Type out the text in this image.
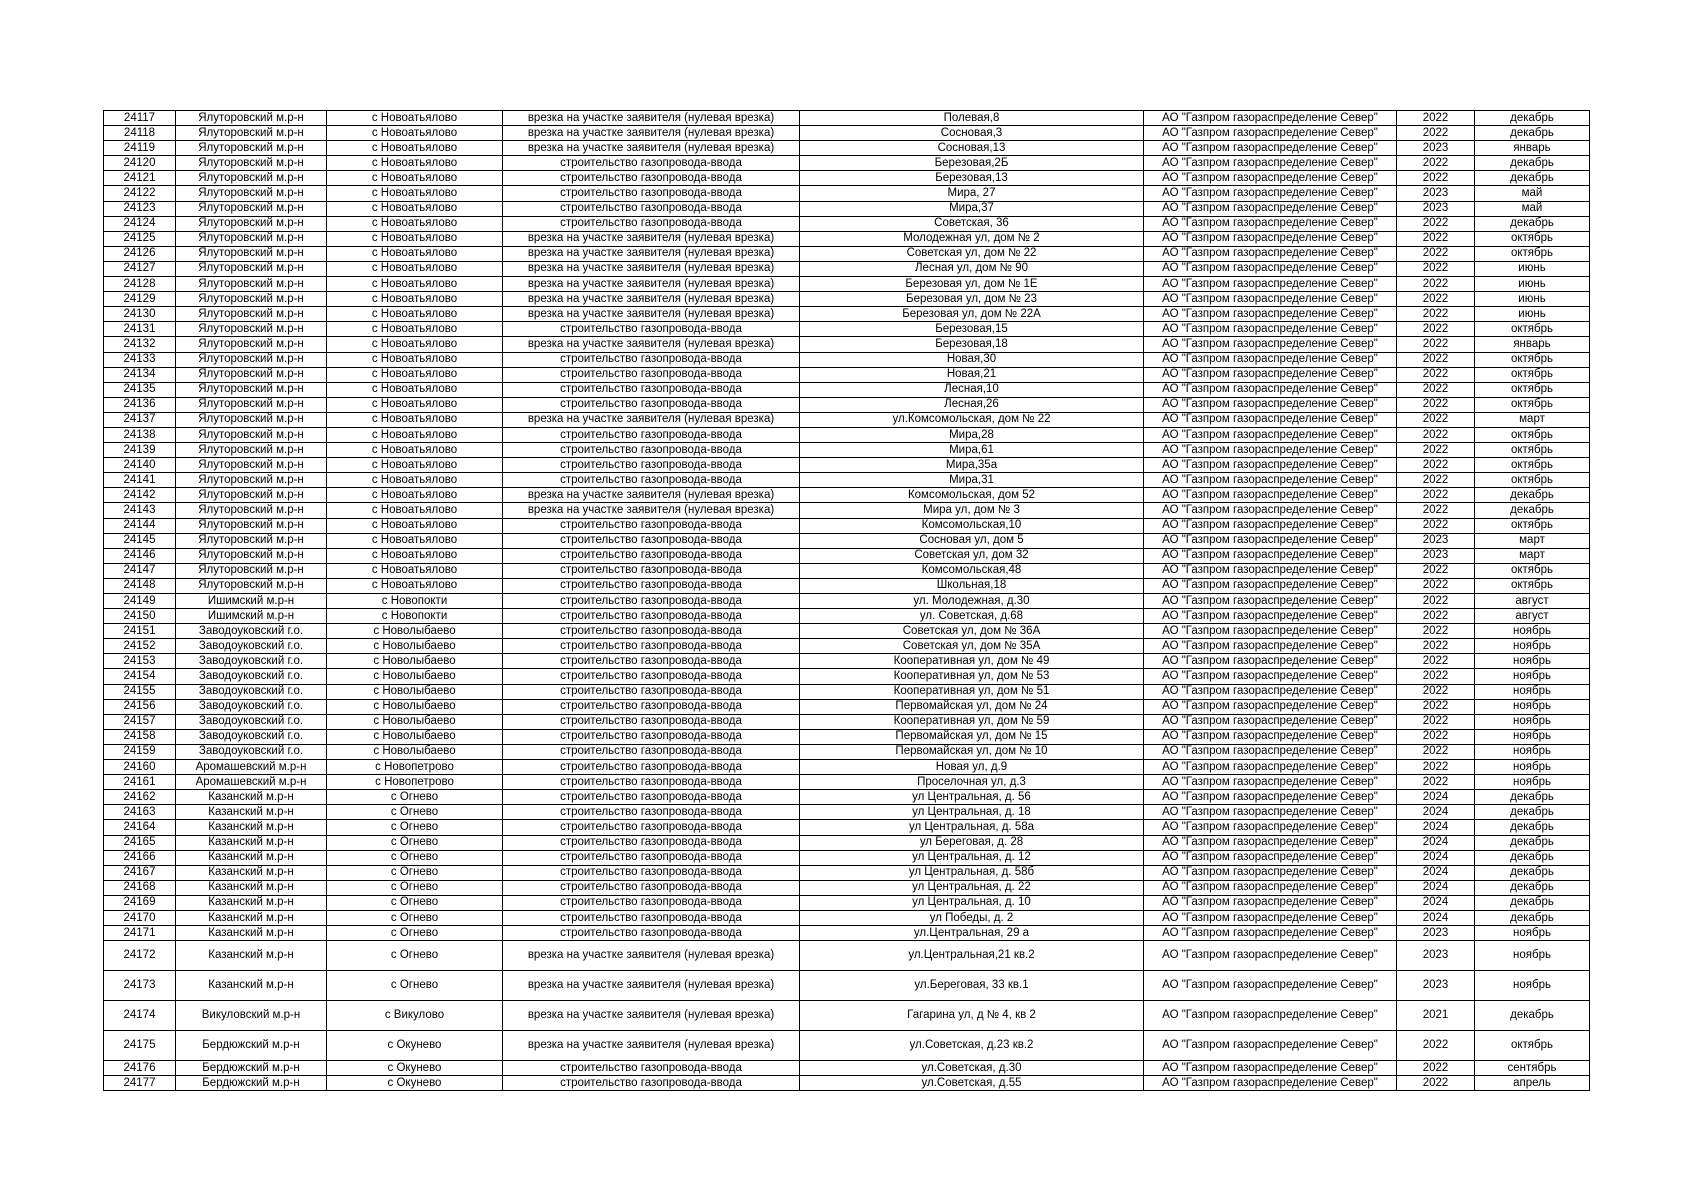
24117	Ялуторовский м.р-н	с Новоатьялово	врезка на участке заявителя (нулевая врезка)	Полевая,8	АО "Газпром газораспределение Север"	2022	декабрь
24118	Ялуторовский м.р-н	с Новоатьялово	врезка на участке заявителя (нулевая врезка)	Сосновая,3	АО "Газпром газораспределение Север"	2022	декабрь
24119	Ялуторовский м.р-н	с Новоатьялово	врезка на участке заявителя (нулевая врезка)	Сосновая,13	АО "Газпром газораспределение Север"	2023	январь
24120	Ялуторовский м.р-н	с Новоатьялово	строительство газопровода-ввода	Березовая,2Б	АО "Газпром газораспределение Север"	2022	декабрь
24121	Ялуторовский м.р-н	с Новоатьялово	строительство газопровода-ввода	Березовая,13	АО "Газпром газораспределение Север"	2022	декабрь
24122	Ялуторовский м.р-н	с Новоатьялово	строительство газопровода-ввода	Мира, 27	АО "Газпром газораспределение Север"	2023	май
24123	Ялуторовский м.р-н	с Новоатьялово	строительство газопровода-ввода	Мира,37	АО "Газпром газораспределение Север"	2023	май
24124	Ялуторовский м.р-н	с Новоатьялово	строительство газопровода-ввода	Советская, 36	АО "Газпром газораспределение Север"	2022	декабрь
24125	Ялуторовский м.р-н	с Новоатьялово	врезка на участке заявителя (нулевая врезка)	Молодежная ул, дом № 2	АО "Газпром газораспределение Север"	2022	октябрь
24126	Ялуторовский м.р-н	с Новоатьялово	врезка на участке заявителя (нулевая врезка)	Советская ул, дом № 22	АО "Газпром газораспределение Север"	2022	октябрь
24127	Ялуторовский м.р-н	с Новоатьялово	врезка на участке заявителя (нулевая врезка)	Лесная ул, дом № 90	АО "Газпром газораспределение Север"	2022	июнь
24128	Ялуторовский м.р-н	с Новоатьялово	врезка на участке заявителя (нулевая врезка)	Березовая ул, дом № 1Е	АО "Газпром газораспределение Север"	2022	июнь
24129	Ялуторовский м.р-н	с Новоатьялово	врезка на участке заявителя (нулевая врезка)	Березовая ул, дом № 23	АО "Газпром газораспределение Север"	2022	июнь
24130	Ялуторовский м.р-н	с Новоатьялово	врезка на участке заявителя (нулевая врезка)	Березовая ул, дом № 22А	АО "Газпром газораспределение Север"	2022	июнь
24131	Ялуторовский м.р-н	с Новоатьялово	строительство газопровода-ввода	Березовая,15	АО "Газпром газораспределение Север"	2022	октябрь
24132	Ялуторовский м.р-н	с Новоатьялово	врезка на участке заявителя (нулевая врезка)	Березовая,18	АО "Газпром газораспределение Север"	2022	январь
24133	Ялуторовский м.р-н	с Новоатьялово	строительство газопровода-ввода	Новая,30	АО "Газпром газораспределение Север"	2022	октябрь
24134	Ялуторовский м.р-н	с Новоатьялово	строительство газопровода-ввода	Новая,21	АО "Газпром газораспределение Север"	2022	октябрь
24135	Ялуторовский м.р-н	с Новоатьялово	строительство газопровода-ввода	Лесная,10	АО "Газпром газораспределение Север"	2022	октябрь
24136	Ялуторовский м.р-н	с Новоатьялово	строительство газопровода-ввода	Лесная,26	АО "Газпром газораспределение Север"	2022	октябрь
24137	Ялуторовский м.р-н	с Новоатьялово	врезка на участке заявителя (нулевая врезка)	ул.Комсомольская, дом № 22	АО "Газпром газораспределение Север"	2022	март
24138	Ялуторовский м.р-н	с Новоатьялово	строительство газопровода-ввода	Мира,28	АО "Газпром газораспределение Север"	2022	октябрь
24139	Ялуторовский м.р-н	с Новоатьялово	строительство газопровода-ввода	Мира,61	АО "Газпром газораспределение Север"	2022	октябрь
24140	Ялуторовский м.р-н	с Новоатьялово	строительство газопровода-ввода	Мира,35а	АО "Газпром газораспределение Север"	2022	октябрь
24141	Ялуторовский м.р-н	с Новоатьялово	строительство газопровода-ввода	Мира,31	АО "Газпром газораспределение Север"	2022	октябрь
24142	Ялуторовский м.р-н	с Новоатьялово	врезка на участке заявителя (нулевая врезка)	Комсомольская, дом 52	АО "Газпром газораспределение Север"	2022	декабрь
24143	Ялуторовский м.р-н	с Новоатьялово	врезка на участке заявителя (нулевая врезка)	Мира ул, дом № 3	АО "Газпром газораспределение Север"	2022	декабрь
24144	Ялуторовский м.р-н	с Новоатьялово	строительство газопровода-ввода	Комсомольская,10	АО "Газпром газораспределение Север"	2022	октябрь
24145	Ялуторовский м.р-н	с Новоатьялово	строительство газопровода-ввода	Сосновая ул, дом 5	АО "Газпром газораспределение Север"	2023	март
24146	Ялуторовский м.р-н	с Новоатьялово	строительство газопровода-ввода	Советская ул, дом 32	АО "Газпром газораспределение Север"	2023	март
24147	Ялуторовский м.р-н	с Новоатьялово	строительство газопровода-ввода	Комсомольская,48	АО "Газпром газораспределение Север"	2022	октябрь
24148	Ялуторовский м.р-н	с Новоатьялово	строительство газопровода-ввода	Школьная,18	АО "Газпром газораспределение Север"	2022	октябрь
24149	Ишимский м.р-н	с Новопокти	строительство газопровода-ввода	ул. Молодежная, д.30	АО "Газпром газораспределение Север"	2022	август
24150	Ишимский м.р-н	с Новопокти	строительство газопровода-ввода	ул. Советская, д.68	АО "Газпром газораспределение Север"	2022	август
24151	Заводоуковский г.о.	с Новолыбаево	строительство газопровода-ввода	Советская ул, дом № 36А	АО "Газпром газораспределение Север"	2022	ноябрь
24152	Заводоуковский г.о.	с Новолыбаево	строительство газопровода-ввода	Советская ул, дом № 35А	АО "Газпром газораспределение Север"	2022	ноябрь
24153	Заводоуковский г.о.	с Новолыбаево	строительство газопровода-ввода	Кооперативная ул, дом № 49	АО "Газпром газораспределение Север"	2022	ноябрь
24154	Заводоуковский г.о.	с Новолыбаево	строительство газопровода-ввода	Кооперативная ул, дом № 53	АО "Газпром газораспределение Север"	2022	ноябрь
24155	Заводоуковский г.о.	с Новолыбаево	строительство газопровода-ввода	Кооперативная ул, дом № 51	АО "Газпром газораспределение Север"	2022	ноябрь
24156	Заводоуковский г.о.	с Новолыбаево	строительство газопровода-ввода	Первомайская ул, дом № 24	АО "Газпром газораспределение Север"	2022	ноябрь
24157	Заводоуковский г.о.	с Новолыбаево	строительство газопровода-ввода	Кооперативная ул, дом № 59	АО "Газпром газораспределение Север"	2022	ноябрь
24158	Заводоуковский г.о.	с Новолыбаево	строительство газопровода-ввода	Первомайская ул, дом № 15	АО "Газпром газораспределение Север"	2022	ноябрь
24159	Заводоуковский г.о.	с Новолыбаево	строительство газопровода-ввода	Первомайская ул, дом № 10	АО "Газпром газораспределение Север"	2022	ноябрь
24160	Аромашевский м.р-н	с Новопетрово	строительство газопровода-ввода	Новая ул, д.9	АО "Газпром газораспределение Север"	2022	ноябрь
24161	Аромашевский м.р-н	с Новопетрово	строительство газопровода-ввода	Проселочная ул, д.3	АО "Газпром газораспределение Север"	2022	ноябрь
24162	Казанский м.р-н	с Огнево	строительство газопровода-ввода	ул Центральная, д. 56	АО "Газпром газораспределение Север"	2024	декабрь
24163	Казанский м.р-н	с Огнево	строительство газопровода-ввода	ул Центральная, д. 18	АО "Газпром газораспределение Север"	2024	декабрь
24164	Казанский м.р-н	с Огнево	строительство газопровода-ввода	ул Центральная, д. 58а	АО "Газпром газораспределение Север"	2024	декабрь
24165	Казанский м.р-н	с Огнево	строительство газопровода-ввода	ул Береговая, д. 28	АО "Газпром газораспределение Север"	2024	декабрь
24166	Казанский м.р-н	с Огнево	строительство газопровода-ввода	ул Центральная, д. 12	АО "Газпром газораспределение Север"	2024	декабрь
24167	Казанский м.р-н	с Огнево	строительство газопровода-ввода	ул Центральная, д. 58б	АО "Газпром газораспределение Север"	2024	декабрь
24168	Казанский м.р-н	с Огнево	строительство газопровода-ввода	ул Центральная, д. 22	АО "Газпром газораспределение Север"	2024	декабрь
24169	Казанский м.р-н	с Огнево	строительство газопровода-ввода	ул Центральная, д. 10	АО "Газпром газораспределение Север"	2024	декабрь
24170	Казанский м.р-н	с Огнево	строительство газопровода-ввода	ул Победы, д. 2	АО "Газпром газораспределение Север"	2024	декабрь
24171	Казанский м.р-н	с Огнево	строительство газопровода-ввода	ул.Центральная, 29 а	АО "Газпром газораспределение Север"	2023	ноябрь
24172	Казанский м.р-н	с Огнево	врезка на участке заявителя (нулевая врезка)	ул.Центральная,21 кв.2	АО "Газпром газораспределение Север"	2023	ноябрь
24173	Казанский м.р-н	с Огнево	врезка на участке заявителя (нулевая врезка)	ул.Береговая, 33 кв.1	АО "Газпром газораспределение Север"	2023	ноябрь
24174	Викуловский м.р-н	с Викулово	врезка на участке заявителя (нулевая врезка)	Гагарина ул, д № 4, кв 2	АО "Газпром газораспределение Север"	2021	декабрь
24175	Бердюжский м.р-н	с Окунево	врезка на участке заявителя (нулевая врезка)	ул.Советская, д.23 кв.2	АО "Газпром газораспределение Север"	2022	октябрь
24176	Бердюжский м.р-н	с Окунево	строительство газопровода-ввода	ул.Советская, д.30	АО "Газпром газораспределение Север"	2022	сентябрь
24177	Бердюжский м.р-н	с Окунево	строительство газопровода-ввода	ул.Советская, д.55	АО "Газпром газораспределение Север"	2022	апрель
